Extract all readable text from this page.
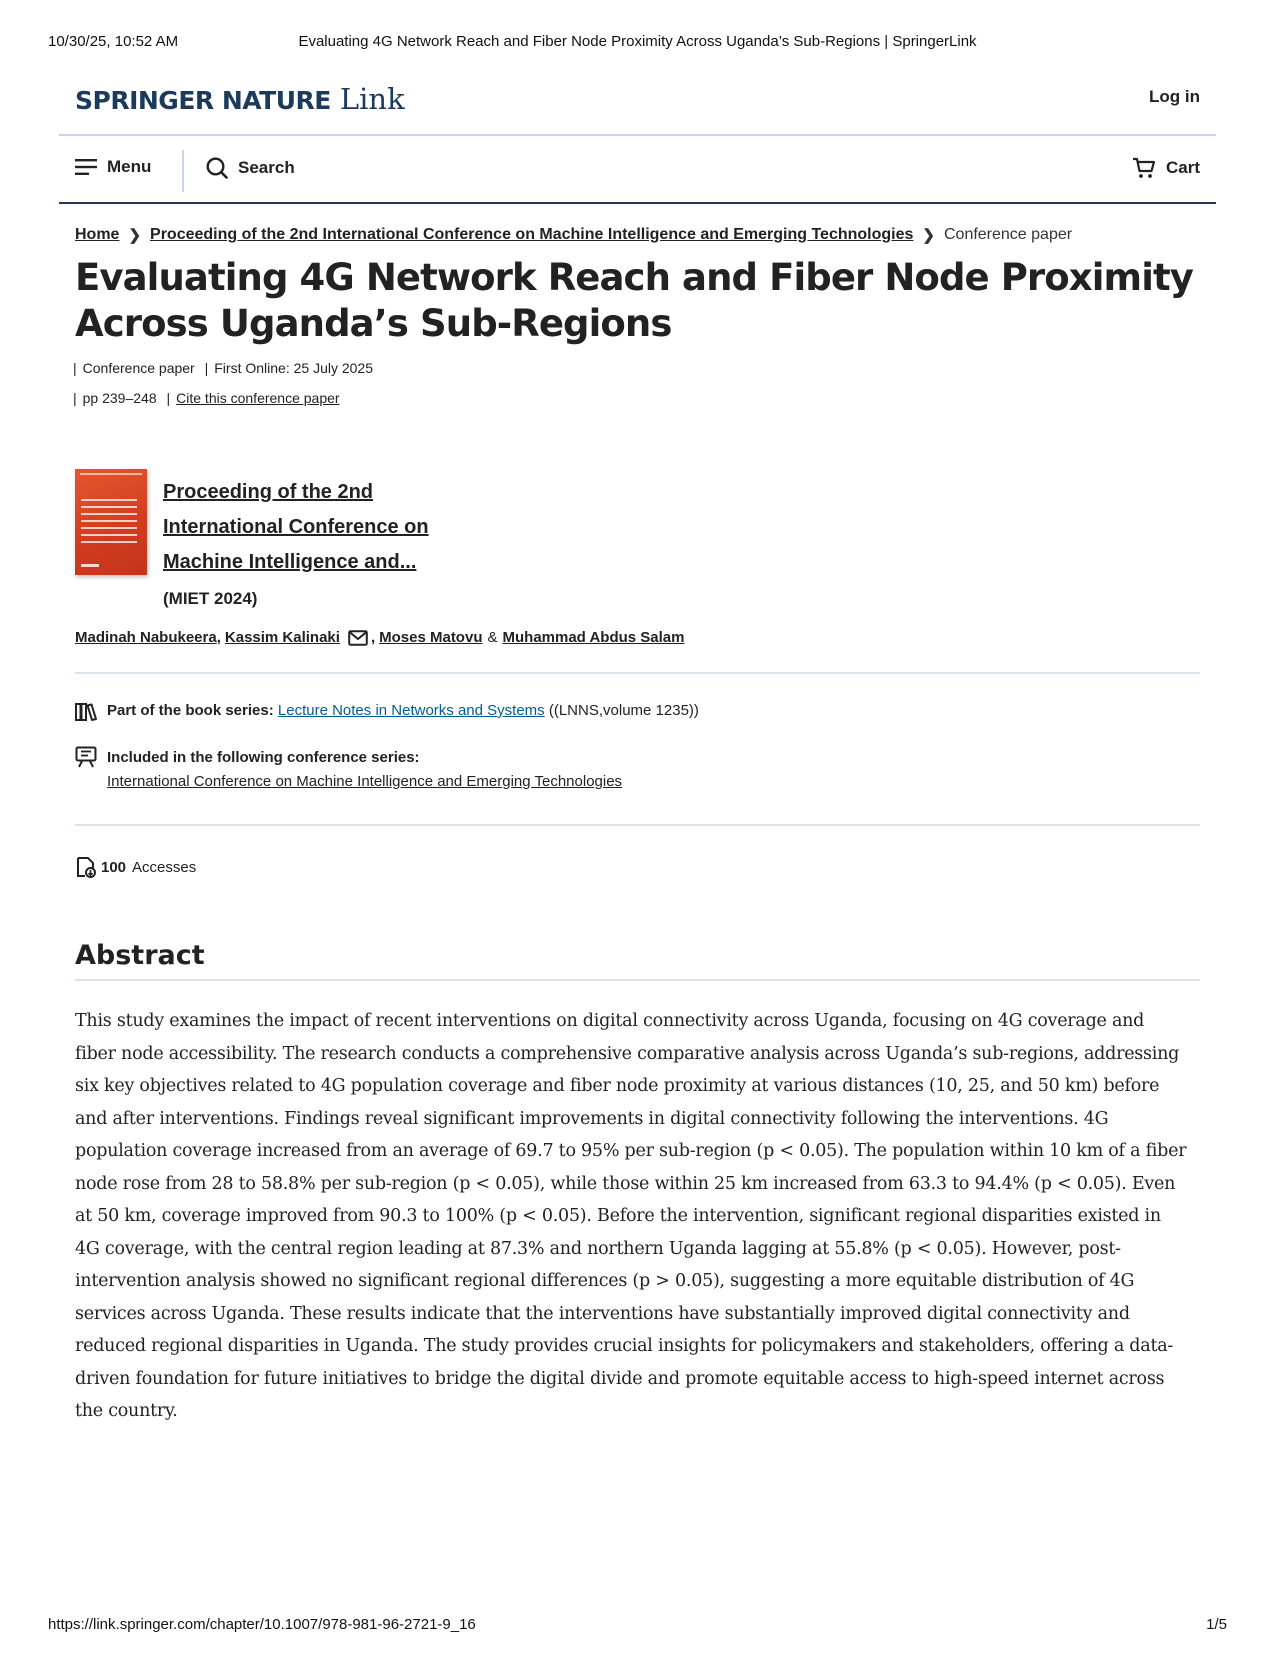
10/30/25, 10:52 AM	Evaluating 4G Network Reach and Fiber Node Proximity Across Uganda’s Sub-Regions | SpringerLink
SPRINGER NATURE Link	Log in
Menu	Search	Cart
Home ❯ Proceeding of the 2nd International Conference on Machine Intelligence and Emerging Technologies ❯ Conference paper
Evaluating 4G Network Reach and Fiber Node Proximity
Across Uganda’s Sub-Regions
| Conference paper | First Online: 25 July 2025
| pp 239–248 | Cite this conference paper
Proceeding of the 2nd
International Conference on
Machine Intelligence and...
(MIET 2024)
Madinah Nabukeera , Kassim Kalinaki , Moses Matovu & Muhammad Abdus Salam
Part of the book series: Lecture Notes in Networks and Systems ((LNNS,volume 1235))
Included in the following conference series:
International Conference on Machine Intelligence and Emerging Technologies
100 Accesses
Abstract
This study examines the impact of recent interventions on digital connectivity across Uganda, focusing on 4G coverage and
fiber node accessibility. The research conducts a comprehensive comparative analysis across Uganda’s sub-regions, addressing
six key objectives related to 4G population coverage and fiber node proximity at various distances (10, 25, and 50 km) before
and after interventions. Findings reveal significant improvements in digital connectivity following the interventions. 4G
population coverage increased from an average of 69.7 to 95% per sub-region (p < 0.05). The population within 10 km of a fiber
node rose from 28 to 58.8% per sub-region (p < 0.05), while those within 25 km increased from 63.3 to 94.4% (p < 0.05). Even
at 50 km, coverage improved from 90.3 to 100% (p < 0.05). Before the intervention, significant regional disparities existed in
4G coverage, with the central region leading at 87.3% and northern Uganda lagging at 55.8% (p < 0.05). However, post-
intervention analysis showed no significant regional differences (p > 0.05), suggesting a more equitable distribution of 4G
services across Uganda. These results indicate that the interventions have substantially improved digital connectivity and
reduced regional disparities in Uganda. The study provides crucial insights for policymakers and stakeholders, offering a data-
driven foundation for future initiatives to bridge the digital divide and promote equitable access to high-speed internet across
the country.
https://link.springer.com/chapter/10.1007/978-981-96-2721-9_16	1/5
